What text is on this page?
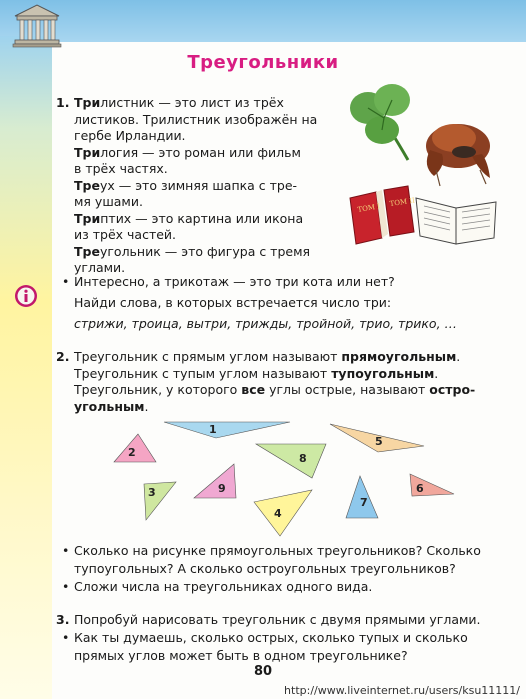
Треугольники
1. Трилистник — это лист из трёх
листиков. Трилистник изображён на
гербе Ирландии.
Трилогия — это роман или фильм
в трёх частях.
Треух — это зимняя шапка с тре-
мя ушами.
Триптих — это картина или икона
из трёх частей.
Треугольник — это фигура с тремя
углами.
ТОМ I ТОМ II
• Интересно, а трикотаж — это три кота или нет?
Найди слова, в которых встречается число три:
стрижи, троица, вытри, трижды, тройной, трио, трико, …
2. Треугольник с прямым углом называют прямоугольным.
Треугольник с тупым углом называют тупоугольным.
Треугольник, у которого все углы острые, называют остро-
угольным.
1
2
3
4
5
6
7
8
9
• Сколько на рисунке прямоугольных треугольников? Сколько
тупоугольных? А сколько остроугольных треугольников?
• Сложи числа на треугольниках одного вида.
3. Попробуй нарисовать треугольник с двумя прямыми углами.
• Как ты думаешь, сколько острых, сколько тупых и сколько
прямых углов может быть в одном треугольнике?
80
http://www.liveinternet.ru/users/ksu11111/
